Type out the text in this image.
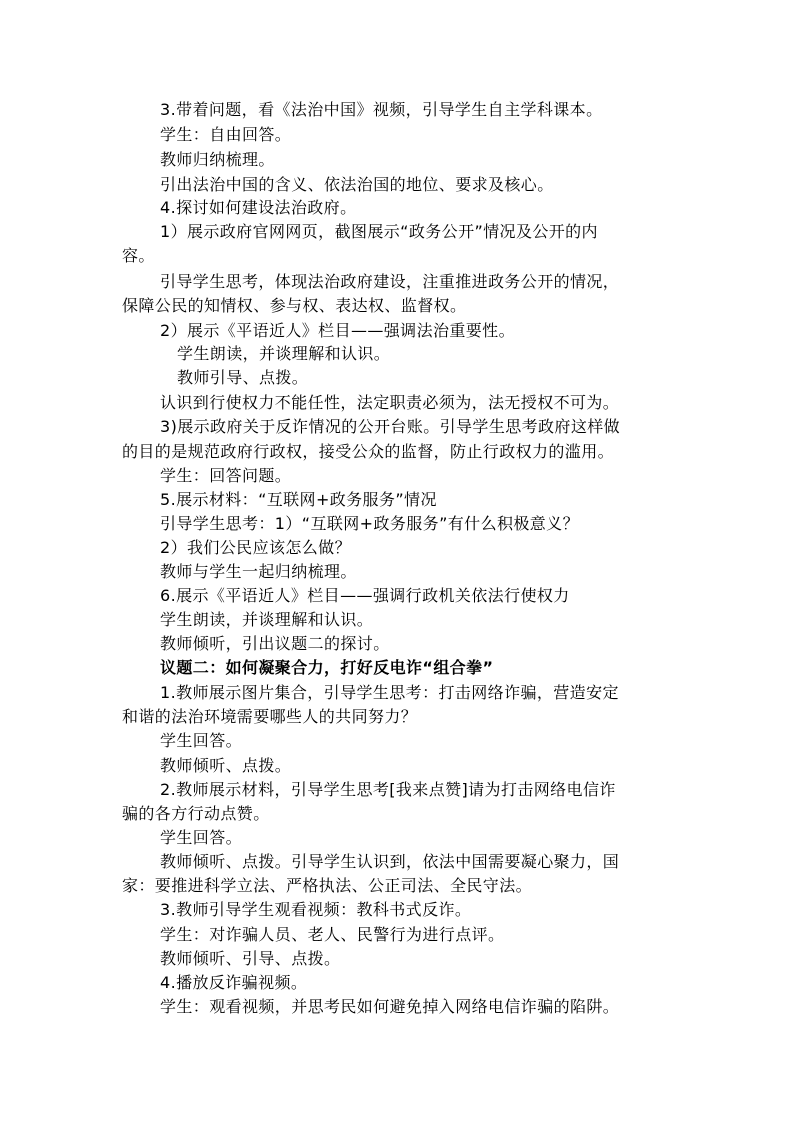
3.带着问题，看《法治中国》视频，引导学生自主学科课本。
学生：自由回答。
教师归纳梳理。
引出法治中国的含义、依法治国的地位、要求及核心。
4.探讨如何建设法治政府。
1）展示政府官网网页，截图展示“政务公开”情况及公开的内
容。
引导学生思考，体现法治政府建设，注重推进政务公开的情况，
保障公民的知情权、参与权、表达权、监督权。
2）展示《平语近人》栏目——强调法治重要性。
学生朗读，并谈理解和认识。
教师引导、点拨。
认识到行使权力不能任性，法定职责必须为，法无授权不可为。
3)展示政府关于反诈情况的公开台账。引导学生思考政府这样做
的目的是规范政府行政权，接受公众的监督，防止行政权力的滥用。
学生：回答问题。
5.展示材料：“互联网+政务服务”情况
引导学生思考：1）“互联网+政务服务”有什么积极意义？
2）我们公民应该怎么做？
教师与学生一起归纳梳理。
6.展示《平语近人》栏目——强调行政机关依法行使权力
学生朗读，并谈理解和认识。
教师倾听，引出议题二的探讨。
议题二：如何凝聚合力，打好反电诈“组合拳”
1.教师展示图片集合，引导学生思考：打击网络诈骗，营造安定
和谐的法治环境需要哪些人的共同努力？
学生回答。
教师倾听、点拨。
2.教师展示材料，引导学生思考[我来点赞]请为打击网络电信诈
骗的各方行动点赞。
学生回答。
教师倾听、点拨。引导学生认识到，依法中国需要凝心聚力，国
家：要推进科学立法、严格执法、公正司法、全民守法。
3.教师引导学生观看视频：教科书式反诈。
学生：对诈骗人员、老人、民警行为进行点评。
教师倾听、引导、点拨。
4.播放反诈骗视频。
学生：观看视频，并思考民如何避免掉入网络电信诈骗的陷阱。
